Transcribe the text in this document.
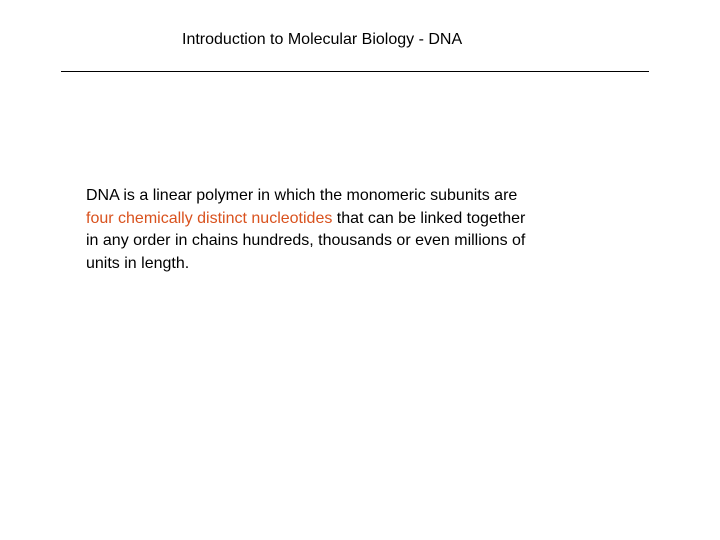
Introduction to Molecular Biology - DNA

DNA is a linear polymer in which the monomeric subunits are
four chemically distinct nucleotides that can be linked together
in any order in chains hundreds, thousands or even millions of
units in length.
